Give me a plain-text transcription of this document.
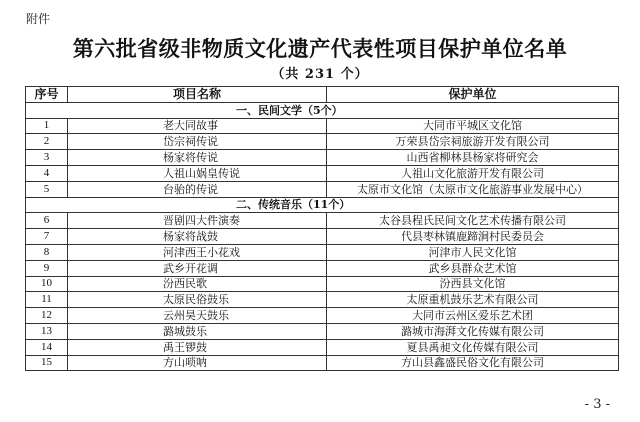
附件
第六批省级非物质文化遗产代表性项目保护单位名单
（共 231 个）
序号	项目名称	保护单位
一、民间文学（5个）		
1	老大同故事	大同市平城区文化馆
2	岱宗祠传说	万荣县岱宗祠旅游开发有限公司
3	杨家将传说	山西省柳林县杨家将研究会
4	人祖山娲皇传说	人祖山文化旅游开发有限公司
5	台骀的传说	太原市文化馆（太原市文化旅游事业发展中心）
二、传统音乐（11个）		
6	晋剧四大件演奏	太谷县程氏民间文化艺术传播有限公司
7	杨家将战鼓	代县枣林镇鹿蹄涧村民委员会
8	河津西王小花戏	河津市人民文化馆
9	武乡开花调	武乡县群众艺术馆
10	汾西民歌	汾西县文化馆
11	太原民俗鼓乐	太原重机鼓乐艺术有限公司
12	云州昊天鼓乐	大同市云州区爱乐艺术团
13	潞城鼓乐	潞城市海湃文化传媒有限公司
14	禹王锣鼓	夏县禹昶文化传媒有限公司
15	方山唢呐	方山县鑫盛民俗文化有限公司
- 3 -
